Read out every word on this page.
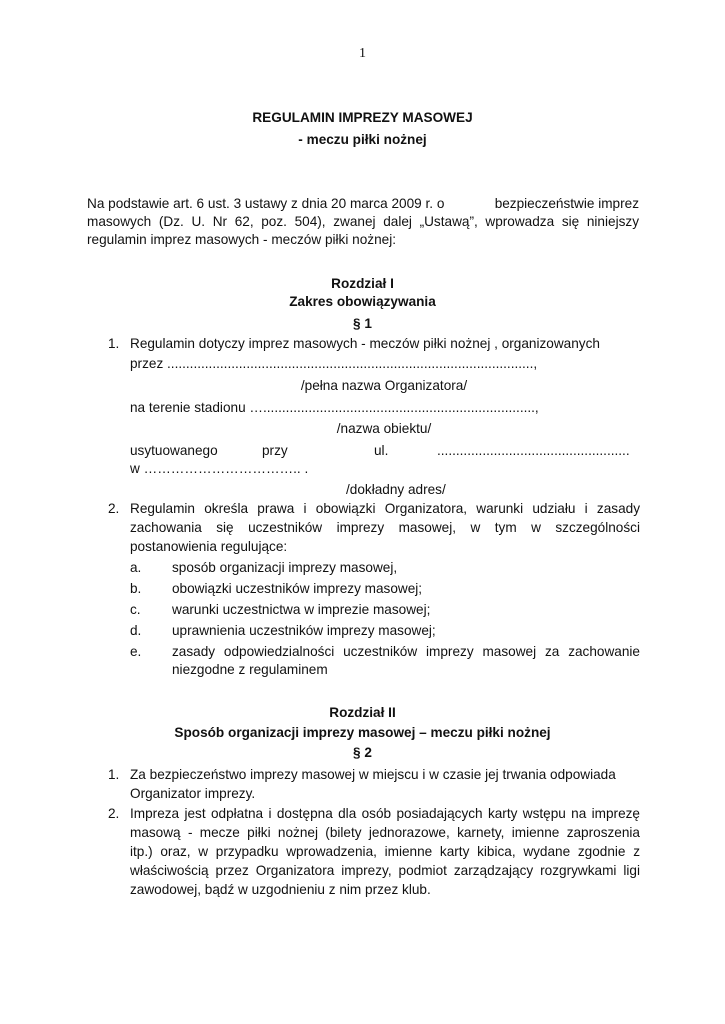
1
REGULAMIN IMPREZY MASOWEJ
- meczu piłki nożnej
Na podstawie art. 6 ust. 3 ustawy z dnia 20 marca 2009 r. o	bezpieczeństwie imprez
masowych (Dz. U. Nr 62, poz. 504), zwanej dalej „Ustawą”, wprowadza się niniejszy
regulamin imprez masowych - meczów piłki nożnej:
Rozdział I
Zakres obowiązywania
§ 1
1. Regulamin dotyczy imprez masowych - meczów piłki nożnej , organizowanych
przez .................................................................................................,
/pełna nazwa Organizatora/
na terenie stadionu …........................................................................,
/nazwa obiektu/
usytuowanego	przy	ul.	...................................................
w …………………………….. .
/dokładny adres/
2. Regulamin określa prawa i obowiązki Organizatora, warunki udziału i zasady
zachowania się uczestników imprezy masowej, w tym w szczególności
postanowienia regulujące:
a. sposób organizacji imprezy masowej,
b. obowiązki uczestników imprezy masowej;
c. warunki uczestnictwa w imprezie masowej;
d. uprawnienia uczestników imprezy masowej;
e. zasady odpowiedzialności uczestników imprezy masowej za zachowanie
niezgodne z regulaminem
Rozdział II
Sposób organizacji imprezy masowej – meczu piłki nożnej
§ 2
1. Za bezpieczeństwo imprezy masowej w miejscu i w czasie jej trwania odpowiada
Organizator imprezy.
2. Impreza jest odpłatna i dostępna dla osób posiadających karty wstępu na imprezę
masową - mecze piłki nożnej (bilety jednorazowe, karnety, imienne zaproszenia
itp.) oraz, w przypadku wprowadzenia, imienne karty kibica, wydane zgodnie z
właściwością przez Organizatora imprezy, podmiot zarządzający rozgrywkami ligi
zawodowej, bądź w uzgodnieniu z nim przez klub.
